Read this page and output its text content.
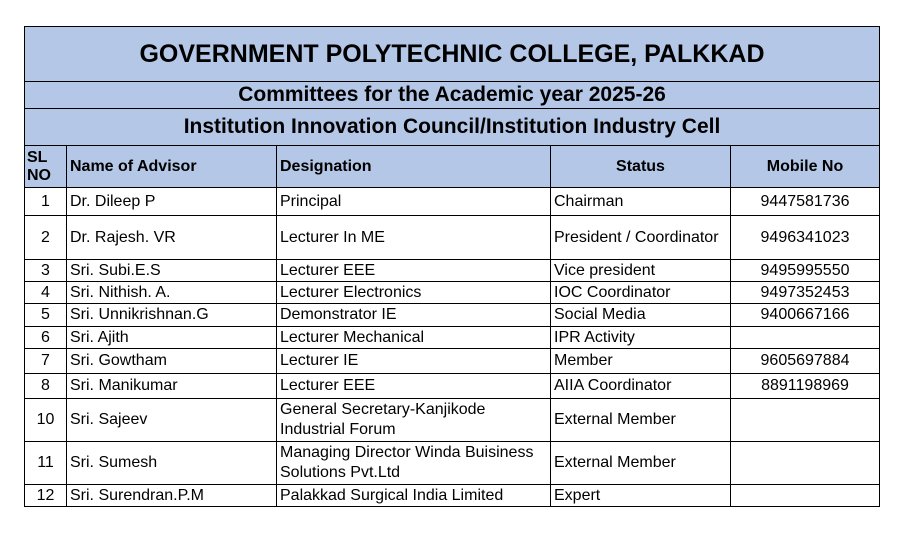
GOVERNMENT POLYTECHNIC COLLEGE, PALKKAD				
Committees for the Academic year 2025-26				
Institution Innovation Council/Institution Industry Cell				
SL
NO	Name of Advisor	Designation	Status	Mobile No
1	Dr. Dileep P	Principal	Chairman	9447581736
2	Dr. Rajesh. VR	Lecturer In ME	President / Coordinator	9496341023
3	Sri. Subi.E.S	Lecturer EEE	Vice president	9495995550
4	Sri. Nithish. A.	Lecturer Electronics	IOC Coordinator	9497352453
5	Sri. Unnikrishnan.G	Demonstrator IE	Social Media	9400667166
6	Sri. Ajith	Lecturer Mechanical	IPR Activity	
7	Sri. Gowtham	Lecturer IE	Member	9605697884
8	Sri. Manikumar	Lecturer EEE	AIIA Coordinator	8891198969
10	Sri. Sajeev	General Secretary-Kanjikode Industrial Forum	External Member	
11	Sri. Sumesh	Managing Director Winda Buisiness Solutions Pvt.Ltd	External Member	
12	Sri. Surendran.P.M	Palakkad Surgical India Limited	Expert	
